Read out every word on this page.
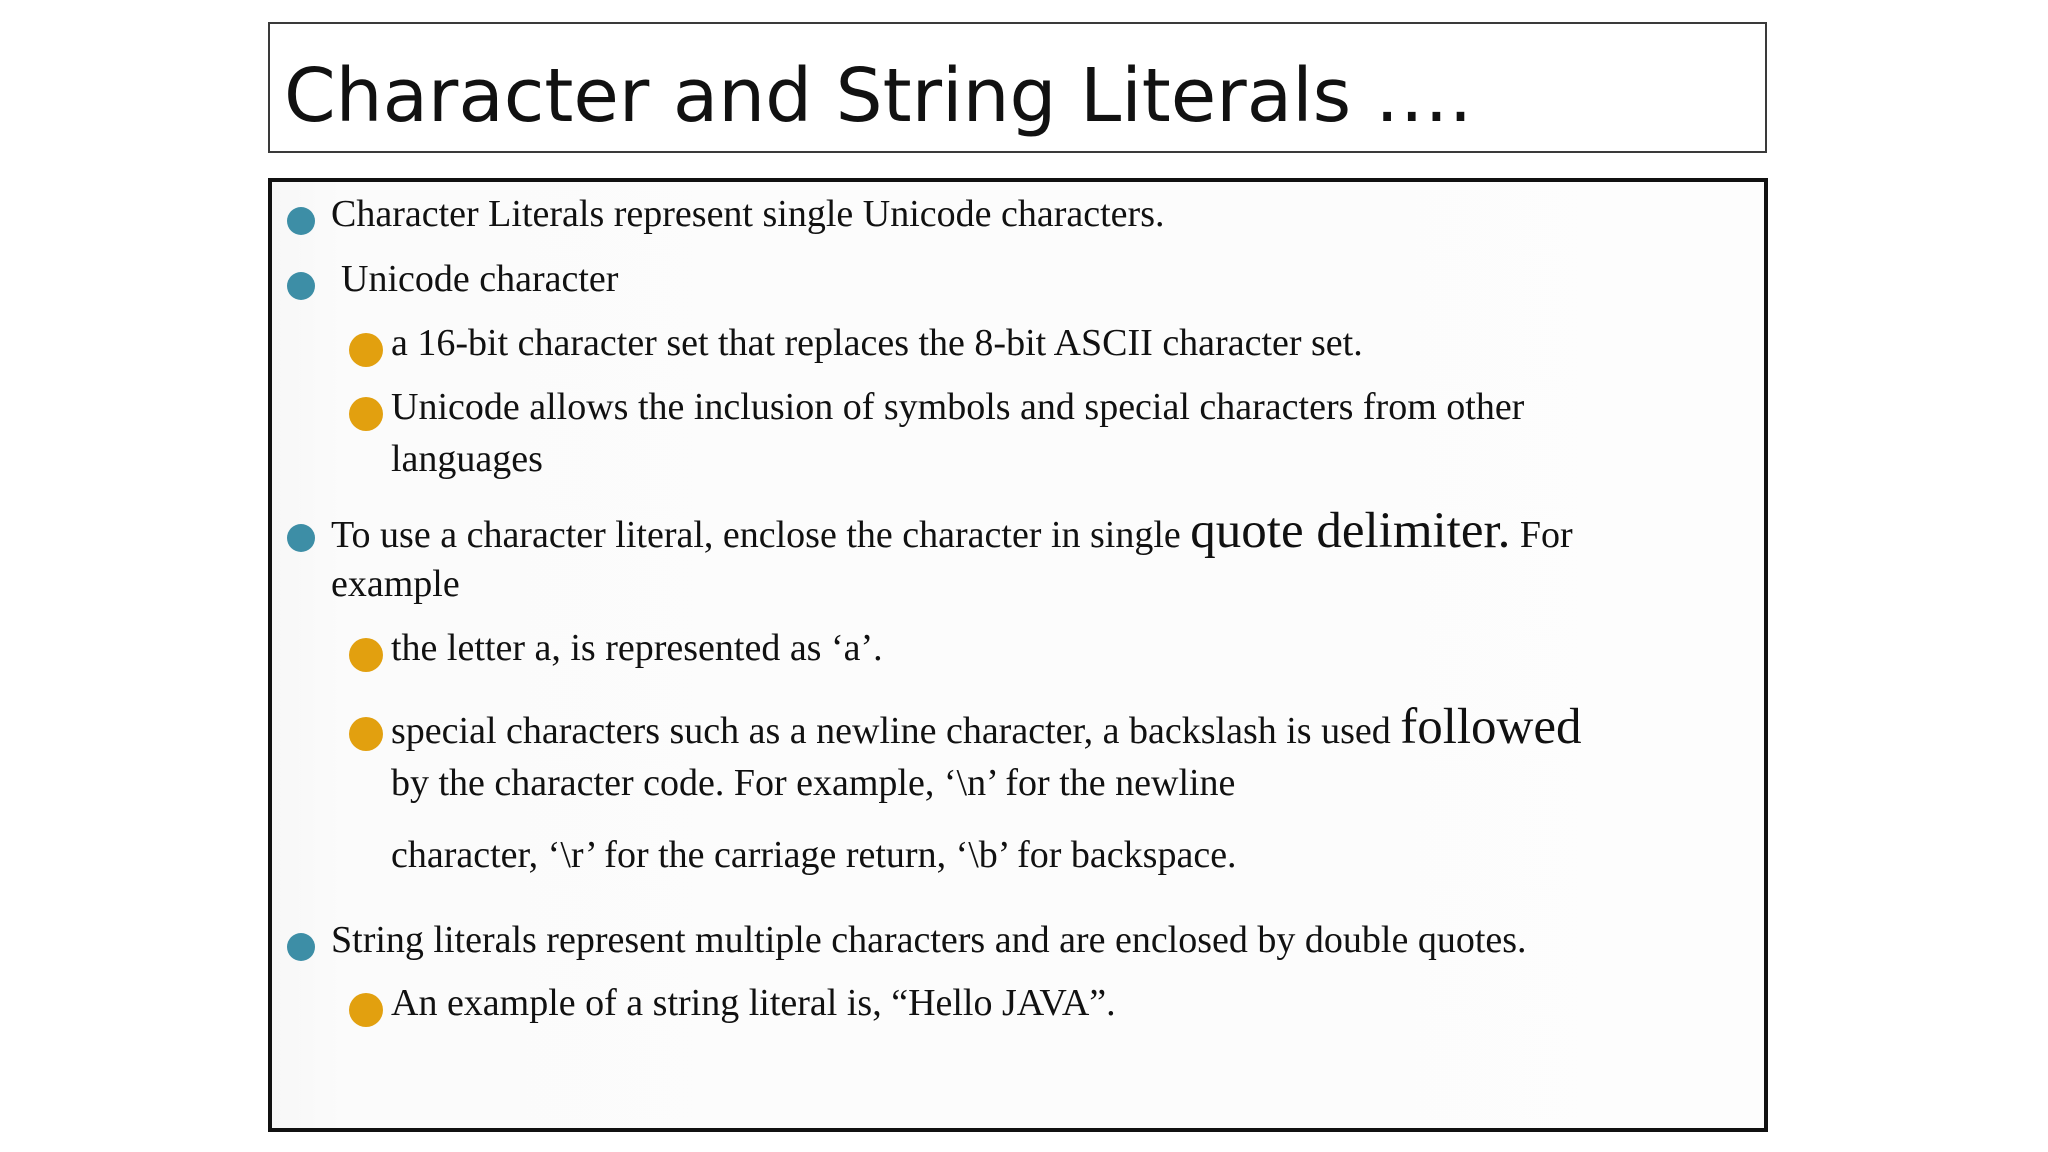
Character and String Literals ….
Character Literals represent single Unicode characters.
Unicode character
a 16-bit character set that replaces the 8-bit ASCII character set.
Unicode allows the inclusion of symbols and special characters from other
languages
To use a character literal, enclose the character in single quote delimiter. For
example
the letter a, is represented as ‘a’.
special characters such as a newline character, a backslash is used followed
by the character code. For example, ‘\n’ for the newline
character, ‘\r’ for the carriage return, ‘\b’ for backspace.
String literals represent multiple characters and are enclosed by double quotes.
An example of a string literal is, “Hello JAVA”.
